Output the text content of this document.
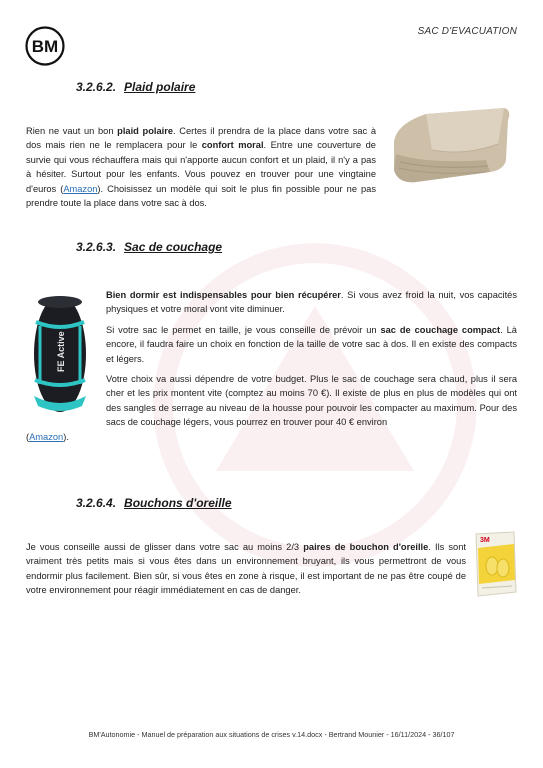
BM
SAC D'EVACUATION
3.2.6.2. Plaid polaire

Rien ne vaut un bon plaid polaire. Certes il prendra de la place dans votre sac à dos mais rien ne le remplacera pour le confort moral. Entre une couverture de survie qui vous réchauffera mais qui n'apporte aucun confort et un plaid, il n'y a pas à hésiter. Surtout pour les enfants. Vous pouvez en trouver pour une vingtaine d'euros (Amazon). Choisissez un modèle qui soit le plus fin possible pour ne pas prendre toute la place dans votre sac à dos.

3.2.6.3. Sac de couchage
FE Active

Bien dormir est indispensables pour bien récupérer. Si vous avez froid la nuit, vos capacités physiques et votre moral vont vite diminuer.

Si votre sac le permet en taille, je vous conseille de prévoir un sac de couchage compact. Là encore, il faudra faire un choix en fonction de la taille de votre sac à dos. Il en existe des compacts et légers.

Votre choix va aussi dépendre de votre budget. Plus le sac de couchage sera chaud, plus il sera cher et les prix montent vite (comptez au moins 70 €). Il existe de plus en plus de modèles qui ont des sangles de serrage au niveau de la housse pour pouvoir les compacter au maximum. Pour des sacs de couchage légers, vous pourrez en trouver pour 40 € environ

(Amazon).

3.2.6.4. Bouchons d'oreille
3M

Je vous conseille aussi de glisser dans votre sac au moins 2/3 paires de bouchon d'oreille. Ils sont vraiment très petits mais si vous êtes dans un environnement bruyant, ils vous permettront de vous endormir plus facilement. Bien sûr, si vous êtes en zone à risque, il est important de ne pas être coupé de votre environnement pour réagir immédiatement en cas de danger.

BM'Autonomie - Manuel de préparation aux situations de crises v.14.docx - Bertrand Mounier - 16/11/2024 - 36/107
